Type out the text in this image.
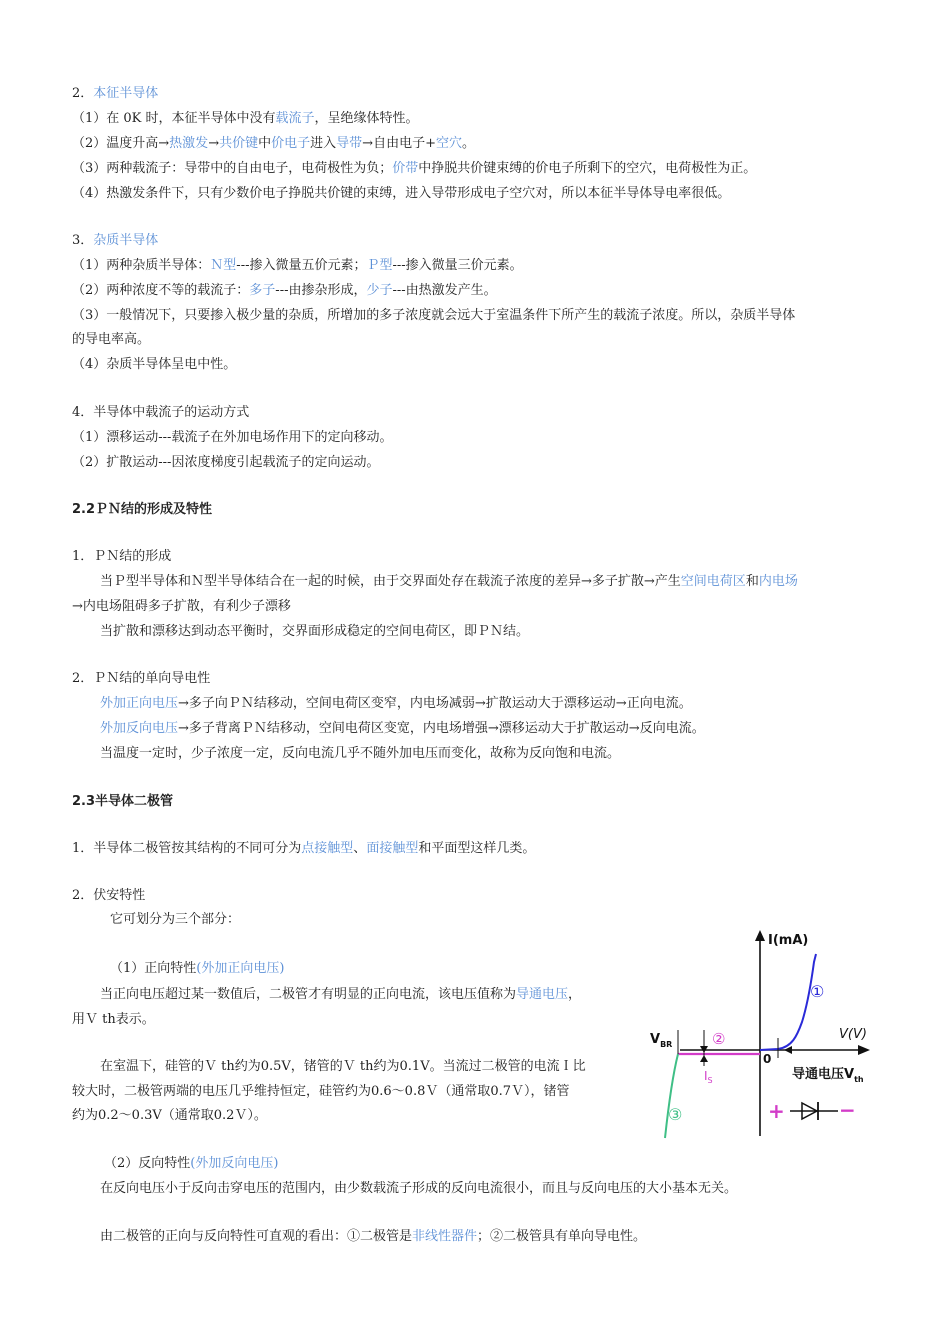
2．本征半导体
（1）在 0K 时，本征半导体中没有载流子，呈绝缘体特性。
（2）温度升高→热激发→共价键中价电子进入导带→自由电子+空穴。
（3）两种载流子：导带中的自由电子，电荷极性为负；价带中挣脱共价键束缚的价电子所剩下的空穴，电荷极性为正。
（4）热激发条件下，只有少数价电子挣脱共价键的束缚，进入导带形成电子空穴对，所以本征半导体导电率很低。
3．杂质半导体
（1）两种杂质半导体：Ｎ型---掺入微量五价元素；Ｐ型---掺入微量三价元素。
（2）两种浓度不等的载流子：多子---由掺杂形成，少子---由热激发产生。
（3）一般情况下，只要掺入极少量的杂质，所增加的多子浓度就会远大于室温条件下所产生的载流子浓度。所以，杂质半导体
的导电率高。
（4）杂质半导体呈电中性。
4．半导体中载流子的运动方式
（1）漂移运动---载流子在外加电场作用下的定向移动。
（2）扩散运动---因浓度梯度引起载流子的定向运动。
2.2ＰＮ结的形成及特性
1．ＰＮ结的形成
当Ｐ型半导体和Ｎ型半导体结合在一起的时候，由于交界面处存在载流子浓度的差异→多子扩散→产生空间电荷区和内电场
→内电场阻碍多子扩散，有利少子漂移
当扩散和漂移达到动态平衡时，交界面形成稳定的空间电荷区，即ＰＮ结。
2．ＰＮ结的单向导电性
外加正向电压→多子向ＰＮ结移动，空间电荷区变窄，内电场减弱→扩散运动大于漂移运动→正向电流。
外加反向电压→多子背离ＰＮ结移动，空间电荷区变宽，内电场增强→漂移运动大于扩散运动→反向电流。
当温度一定时，少子浓度一定，反向电流几乎不随外加电压而变化，故称为反向饱和电流。
2.3半导体二极管
1．半导体二极管按其结构的不同可分为点接触型、面接触型和平面型这样几类。
2．伏安特性
它可划分为三个部分：
（1）正向特性(外加正向电压)
当正向电压超过某一数值后，二极管才有明显的正向电流，该电压值称为导通电压，
用Ｖ th表示。
在室温下，硅管的Ｖ th约为0.5V，锗管的Ｖ th约为0.1V。当流过二极管的电流Ｉ比
较大时，二极管两端的电压几乎维持恒定，硅管约为0.6～0.8Ｖ（通常取0.7Ｖ），锗管
约为0.2～0.3V（通常取0.2Ｖ）。
（2）反向特性(外加反向电压)
在反向电压小于反向击穿电压的范围内，由少数载流子形成的反向电流很小，而且与反向电压的大小基本无关。
由二极管的正向与反向特性可直观的看出：①二极管是非线性器件；②二极管具有单向导电性。
I(mA)
V(V)
0
①
②
③
$V_{BR}$
$I_S$	导通电压$V_{th}$
+	−
